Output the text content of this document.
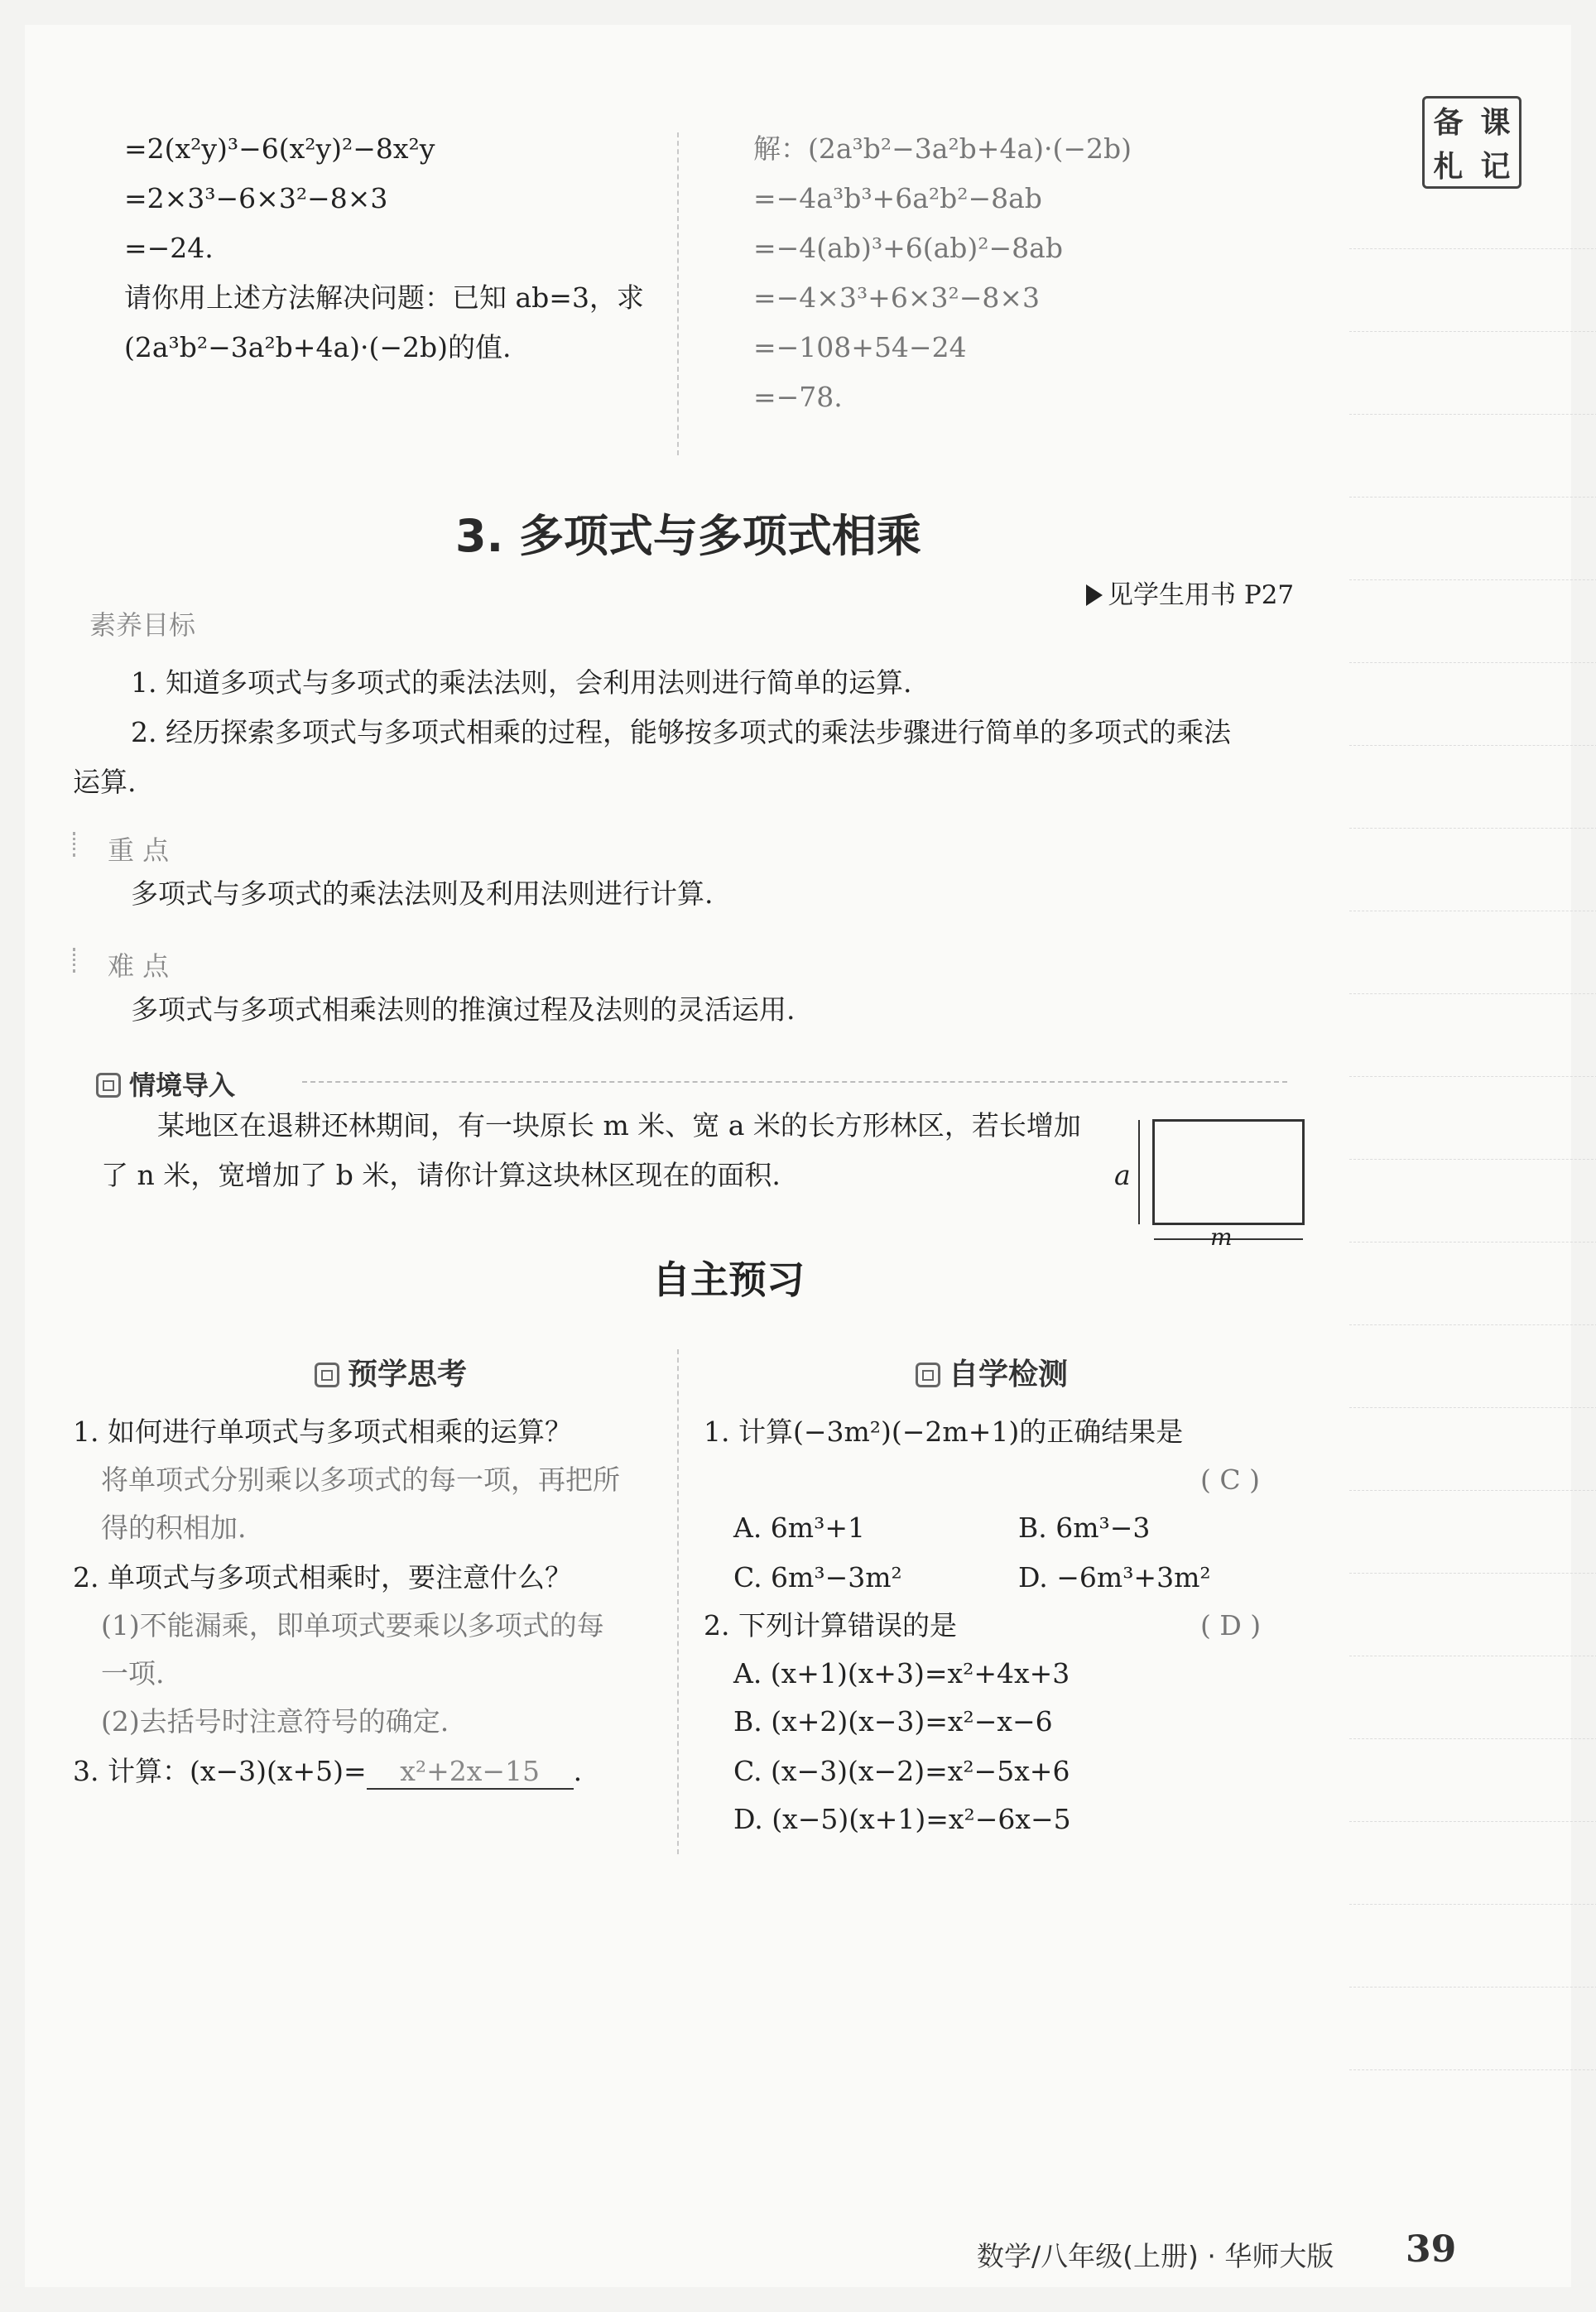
备 课
札 记
=2(x²y)³−6(x²y)²−8x²y
=2×3³−6×3²−8×3
=−24.
请你用上述方法解决问题：已知 ab=3，求
(2a³b²−3a²b+4a)·(−2b)的值.
解：(2a³b²−3a²b+4a)·(−2b)
=−4a³b³+6a²b²−8ab
=−4(ab)³+6(ab)²−8ab
=−4×3³+6×3²−8×3
=−108+54−24
=−78.
3. 多项式与多项式相乘
见学生用书 P27
素养目标
1. 知道多项式与多项式的乘法法则，会利用法则进行简单的运算.
2. 经历探索多项式与多项式相乘的过程，能够按多项式的乘法步骤进行简单的多项式的乘法
运算.
重 点
多项式与多项式的乘法法则及利用法则进行计算.
难 点
多项式与多项式相乘法则的推演过程及法则的灵活运用.
情境导入
某地区在退耕还林期间，有一块原长 m 米、宽 a 米的长方形林区，若长增加
了 n 米，宽增加了 b 米，请你计算这块林区现在的面积.	a
m
自主预习
预学思考
1. 如何进行单项式与多项式相乘的运算？
将单项式分别乘以多项式的每一项，再把所
得的积相加.
2. 单项式与多项式相乘时，要注意什么？
(1)不能漏乘，即单项式要乘以多项式的每
一项.
(2)去括号时注意符号的确定.
3. 计算：(x−3)(x+5)= x²+2x−15 .
自学检测
1. 计算(−3m²)(−2m+1)的正确结果是
( C )
A. 6m³+1	B. 6m³−3
C. 6m³−3m²	D. −6m³+3m²
2. 下列计算错误的是	( D )
A. (x+1)(x+3)=x²+4x+3
B. (x+2)(x−3)=x²−x−6
C. (x−3)(x−2)=x²−5x+6
D. (x−5)(x+1)=x²−6x−5
数学/八年级(上册) · 华师大版 39
